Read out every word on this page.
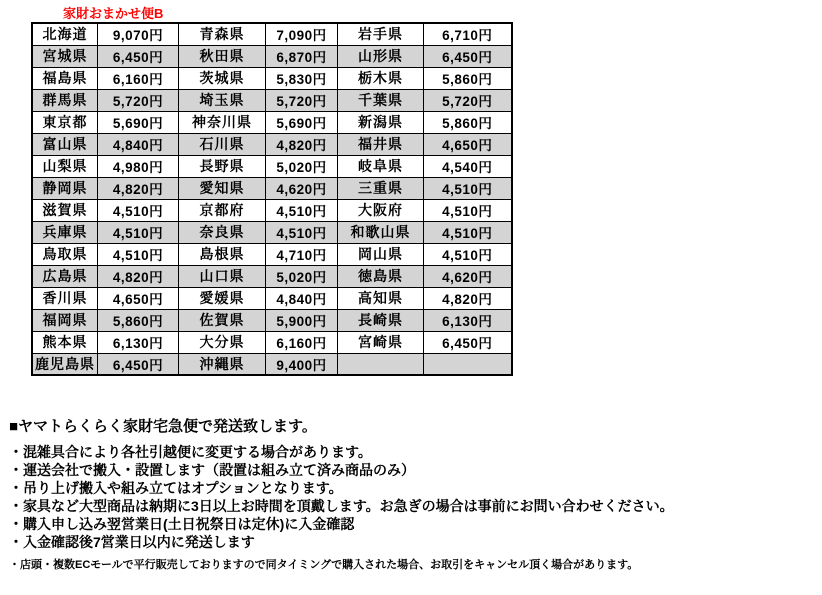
家財おまかせ便B
北海道	9,070円	青森県	7,090円	岩手県	6,710円
宮城県	6,450円	秋田県	6,870円	山形県	6,450円
福島県	6,160円	茨城県	5,830円	栃木県	5,860円
群馬県	5,720円	埼玉県	5,720円	千葉県	5,720円
東京都	5,690円	神奈川県	5,690円	新潟県	5,860円
富山県	4,840円	石川県	4,820円	福井県	4,650円
山梨県	4,980円	長野県	5,020円	岐阜県	4,540円
静岡県	4,820円	愛知県	4,620円	三重県	4,510円
滋賀県	4,510円	京都府	4,510円	大阪府	4,510円
兵庫県	4,510円	奈良県	4,510円	和歌山県	4,510円
鳥取県	4,510円	島根県	4,710円	岡山県	4,510円
広島県	4,820円	山口県	5,020円	徳島県	4,620円
香川県	4,650円	愛媛県	4,840円	高知県	4,820円
福岡県	5,860円	佐賀県	5,900円	長崎県	6,130円
熊本県	6,130円	大分県	6,160円	宮崎県	6,450円
鹿児島県	6,450円	沖縄県	9,400円		
■ヤマトらくらく家財宅急便で発送致します。
・混雑具合により各社引越便に変更する場合があります。
・運送会社で搬入・設置します（設置は組み立て済み商品のみ）
・吊り上げ搬入や組み立てはオプションとなります。
・家具など大型商品は納期に3日以上お時間を頂戴します。お急ぎの場合は事前にお問い合わせください。
・購入申し込み翌営業日(土日祝祭日は定休)に入金確認
・入金確認後7営業日以内に発送します
・店頭・複数ECモールで平行販売しておりますので同タイミングで購入された場合、お取引をキャンセル頂く場合があります。
